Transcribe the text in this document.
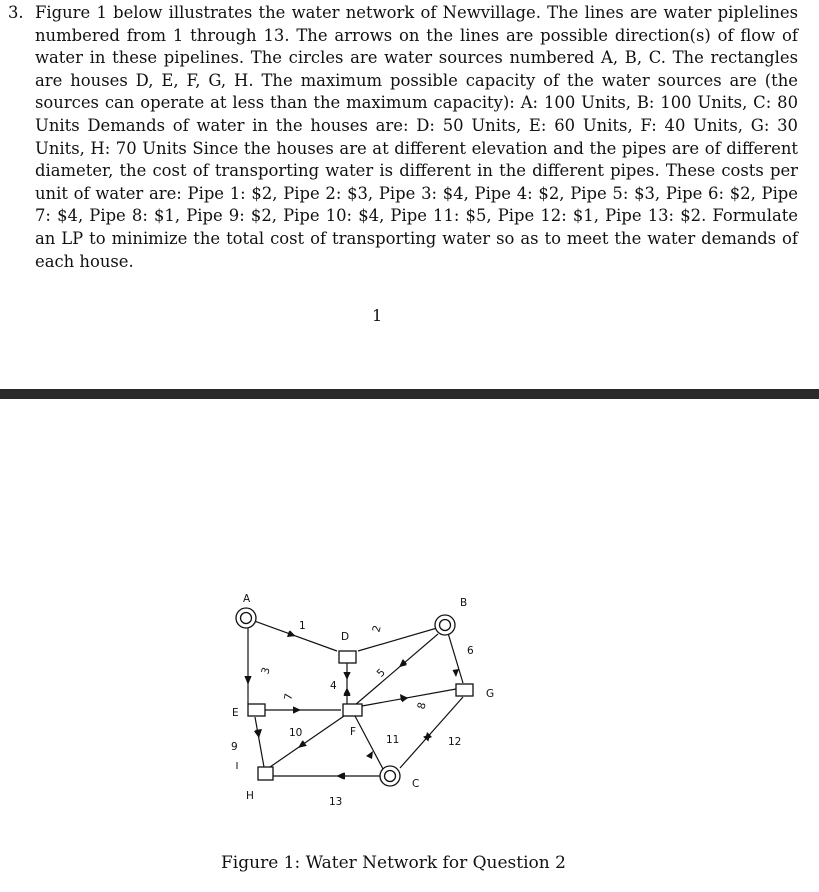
3. Figure 1 below illustrates the water network of Newvillage. The lines are water piplelines numbered from 1 through 13. The arrows on the lines are possible direction(s) of flow of water in these pipelines. The circles are water sources numbered A, B, C. The rectangles are houses D, E, F, G, H. The maximum possible capacity of the water sources are (the sources can operate at less than the maximum capacity): A: 100 Units, B: 100 Units, C: 80 Units Demands of water in the houses are: D: 50 Units, E: 60 Units, F: 40 Units, G: 30 Units, H: 70 Units Since the houses are at different elevation and the pipes are of different diameter, the cost of transporting water is different in the different pipes. These costs per unit of water are: Pipe 1: $2, Pipe 2: $3, Pipe 3: $4, Pipe 4: $2, Pipe 5: $3, Pipe 6: $2, Pipe 7: $4, Pipe 8: $1, Pipe 9: $2, Pipe 10: $4, Pipe 11: $5, Pipe 12: $1, Pipe 13: $2. Formulate an LP to minimize the total cost of transporting water so as to meet the water demands of each house.
1
A	B
C
D
E
F
G
H
1	2
3
4
5
6
7
8
9
10
11	12
13
Figure 1: Water Network for Question 2
